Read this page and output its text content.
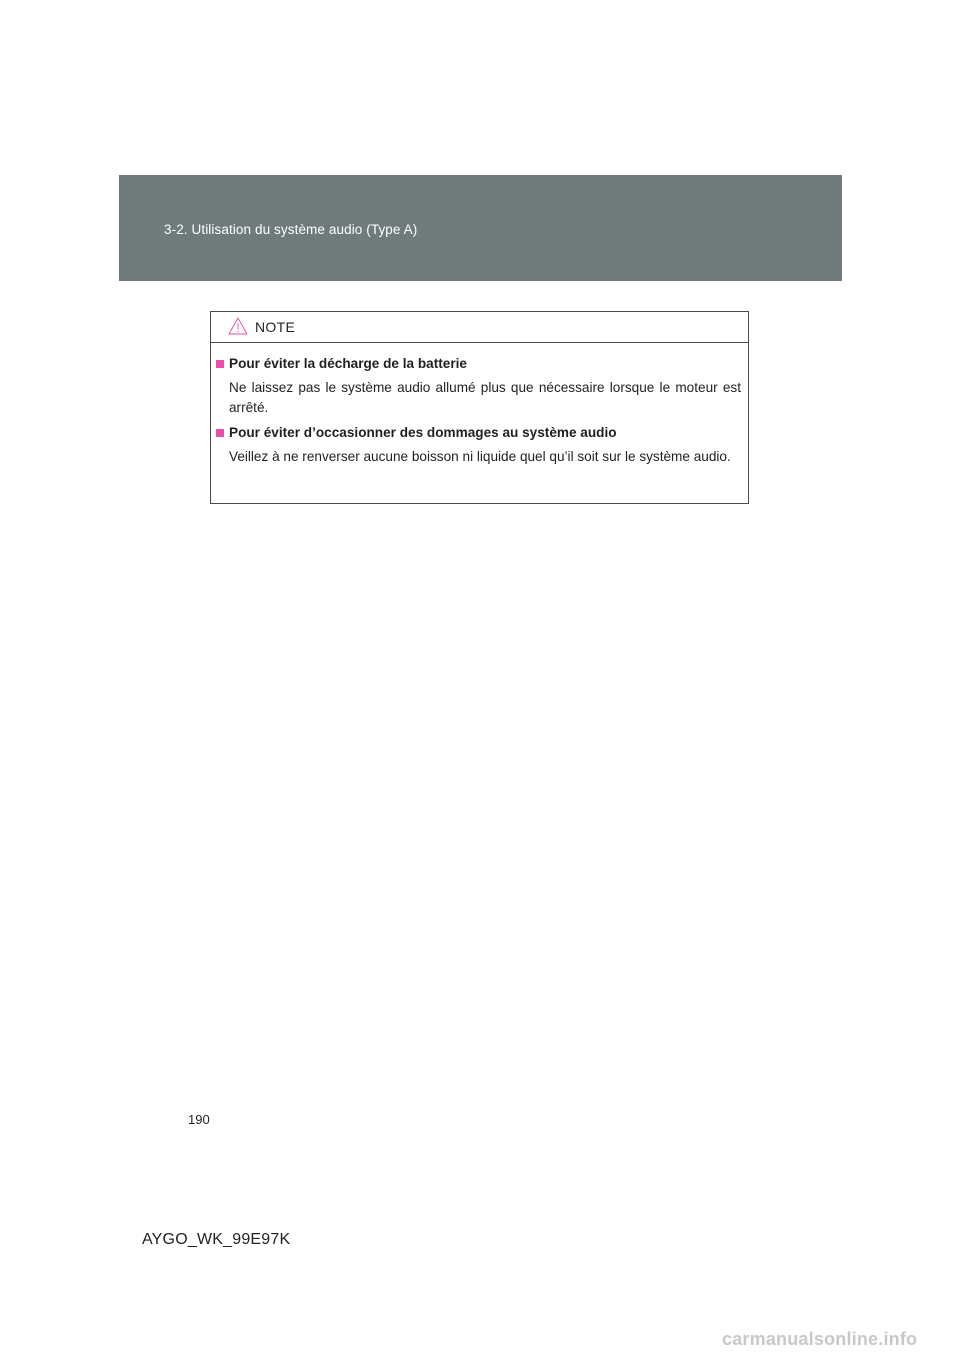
3-2. Utilisation du système audio (Type A)
NOTE
Pour éviter la décharge de la batterie

Ne laissez pas le système audio allumé plus que nécessaire lorsque le moteur est arrêté.

Pour éviter d’occasionner des dommages au système audio

Veillez à ne renverser aucune boisson ni liquide quel qu’il soit sur le système audio.

190
AYGO_WK_99E97K
carmanualsonline.info
